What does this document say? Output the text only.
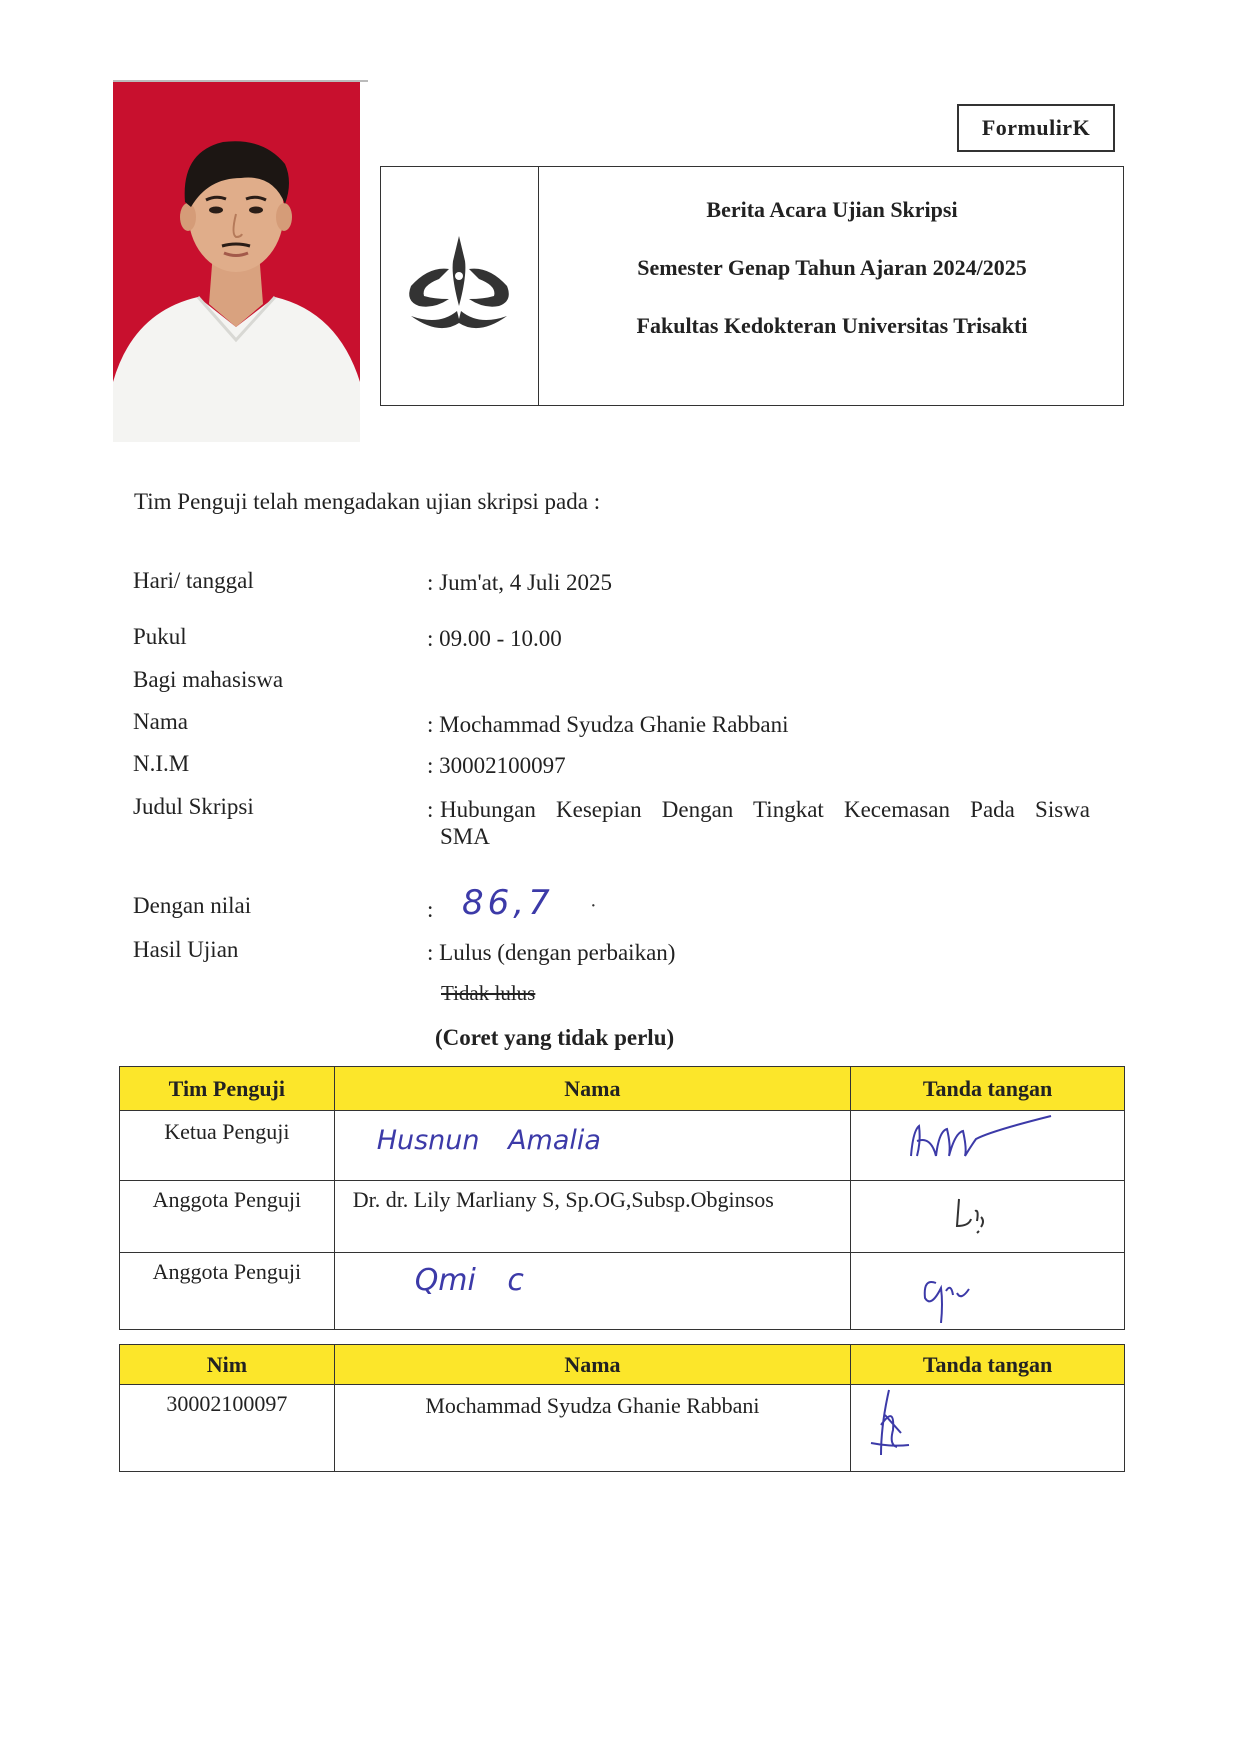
FormulirK
Berita Acara Ujian Skripsi
Semester Genap Tahun Ajaran 2024/2025
Fakultas Kedokteran Universitas Trisakti
Tim Penguji telah mengadakan ujian skripsi pada :
Hari/ tanggal	: Jum'at, 4 Juli 2025
Pukul	: 09.00 - 10.00
Bagi mahasiswa
Nama	: Mochammad Syudza Ghanie Rabbani
N.I.M	: 30002100097
Judul Skripsi	: Hubungan Kesepian Dengan Tingkat Kecemasan Pada Siswa
SMA
Dengan nilai	: 86,7 ·
Hasil Ujian	: Lulus (dengan perbaikan)
Tidak lulus
(Coret yang tidak perlu)
Tim Penguji	Nama	Tanda tangan
Ketua Penguji	Husnun Amalia	
Anggota Penguji	Dr. dr. Lily Marliany S, Sp.OG,Subsp.Obginsos	
Anggota Penguji	Qmi c	
Nim	Nama	Tanda tangan
30002100097	Mochammad Syudza Ghanie Rabbani	
